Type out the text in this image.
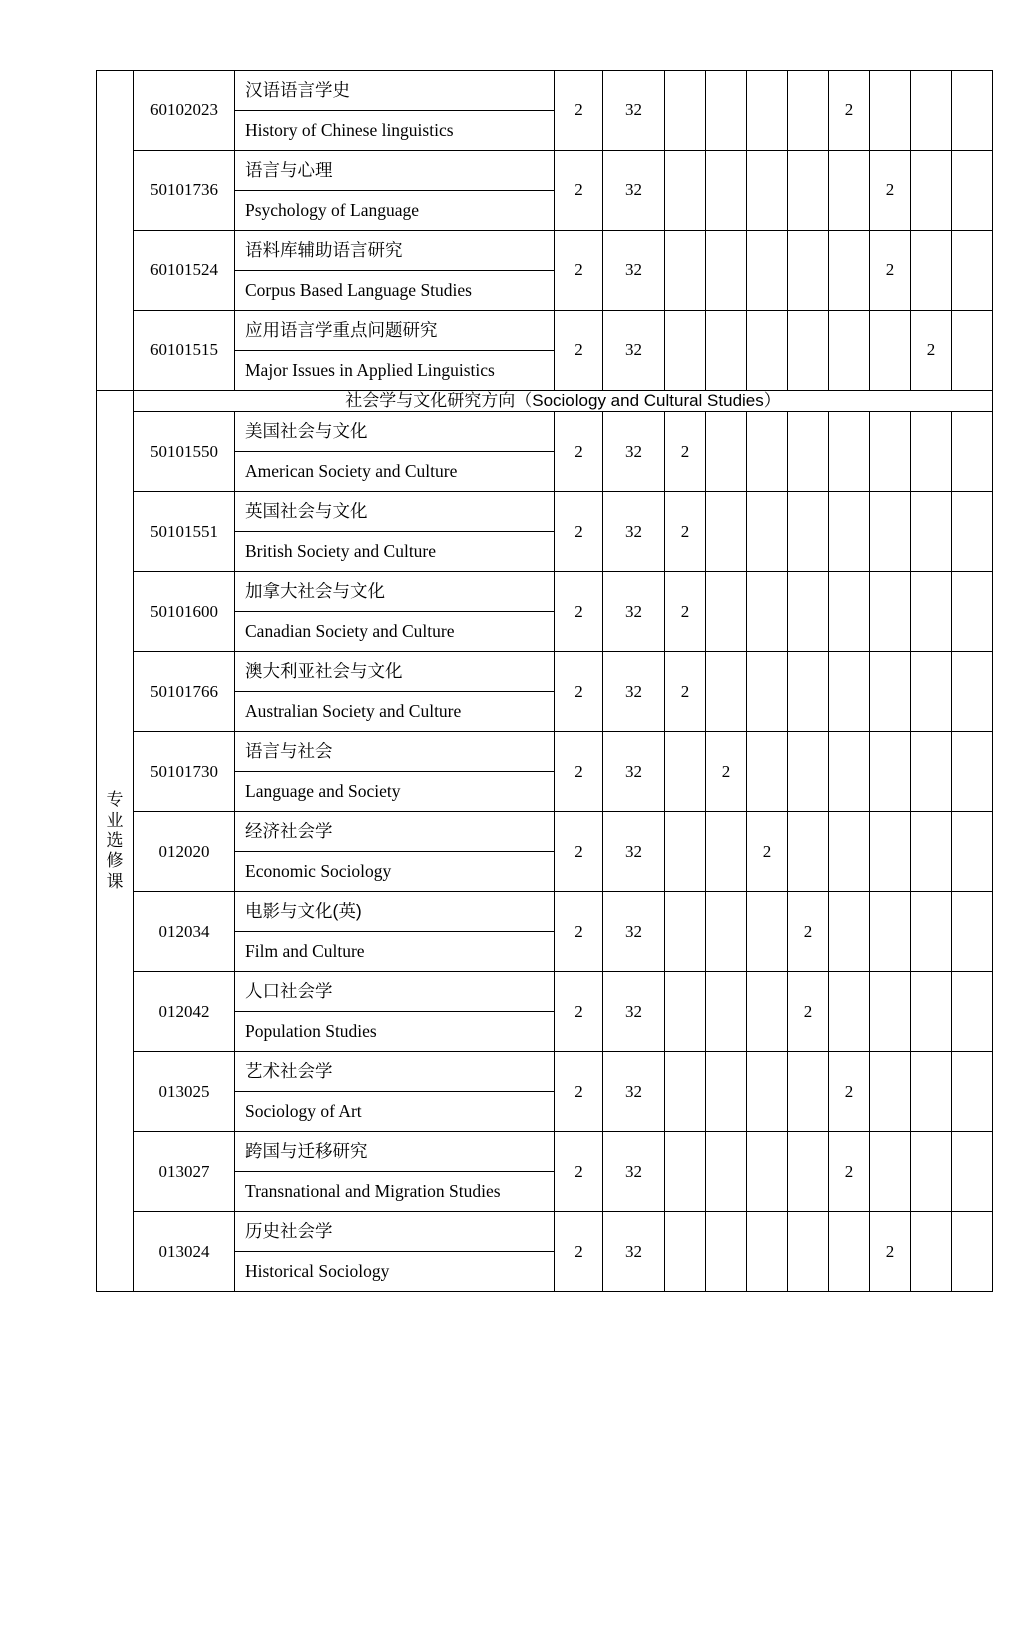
	60102023	汉语语言学史
History of Chinese linguistics	2	32					2			
	50101736	语言与心理
Psychology of Language	2	32						2		
	60101524	语料库辅助语言研究
Corpus Based Language Studies	2	32						2		
	60101515	应用语言学重点问题研究
Major Issues in Applied Linguistics	2	32							2	
专
业
选
修
课	社会学与文化研究方向（Sociology and Cultural Studies）											
	50101550	美国社会与文化
American Society and Culture	2	32	2							
	50101551	英国社会与文化
British Society and Culture	2	32	2							
	50101600	加拿大社会与文化
Canadian Society and Culture	2	32	2							
	50101766	澳大利亚社会与文化
Australian Society and Culture	2	32	2							
	50101730	语言与社会
Language and Society	2	32		2						
	012020	经济社会学
Economic Sociology	2	32			2					
	012034	电影与文化(英)
Film and Culture	2	32				2				
	012042	人口社会学
Population Studies	2	32				2				
	013025	艺术社会学
Sociology of Art	2	32					2			
	013027	跨国与迁移研究
Transnational and Migration Studies	2	32					2			
	013024	历史社会学
Historical Sociology	2	32						2		
